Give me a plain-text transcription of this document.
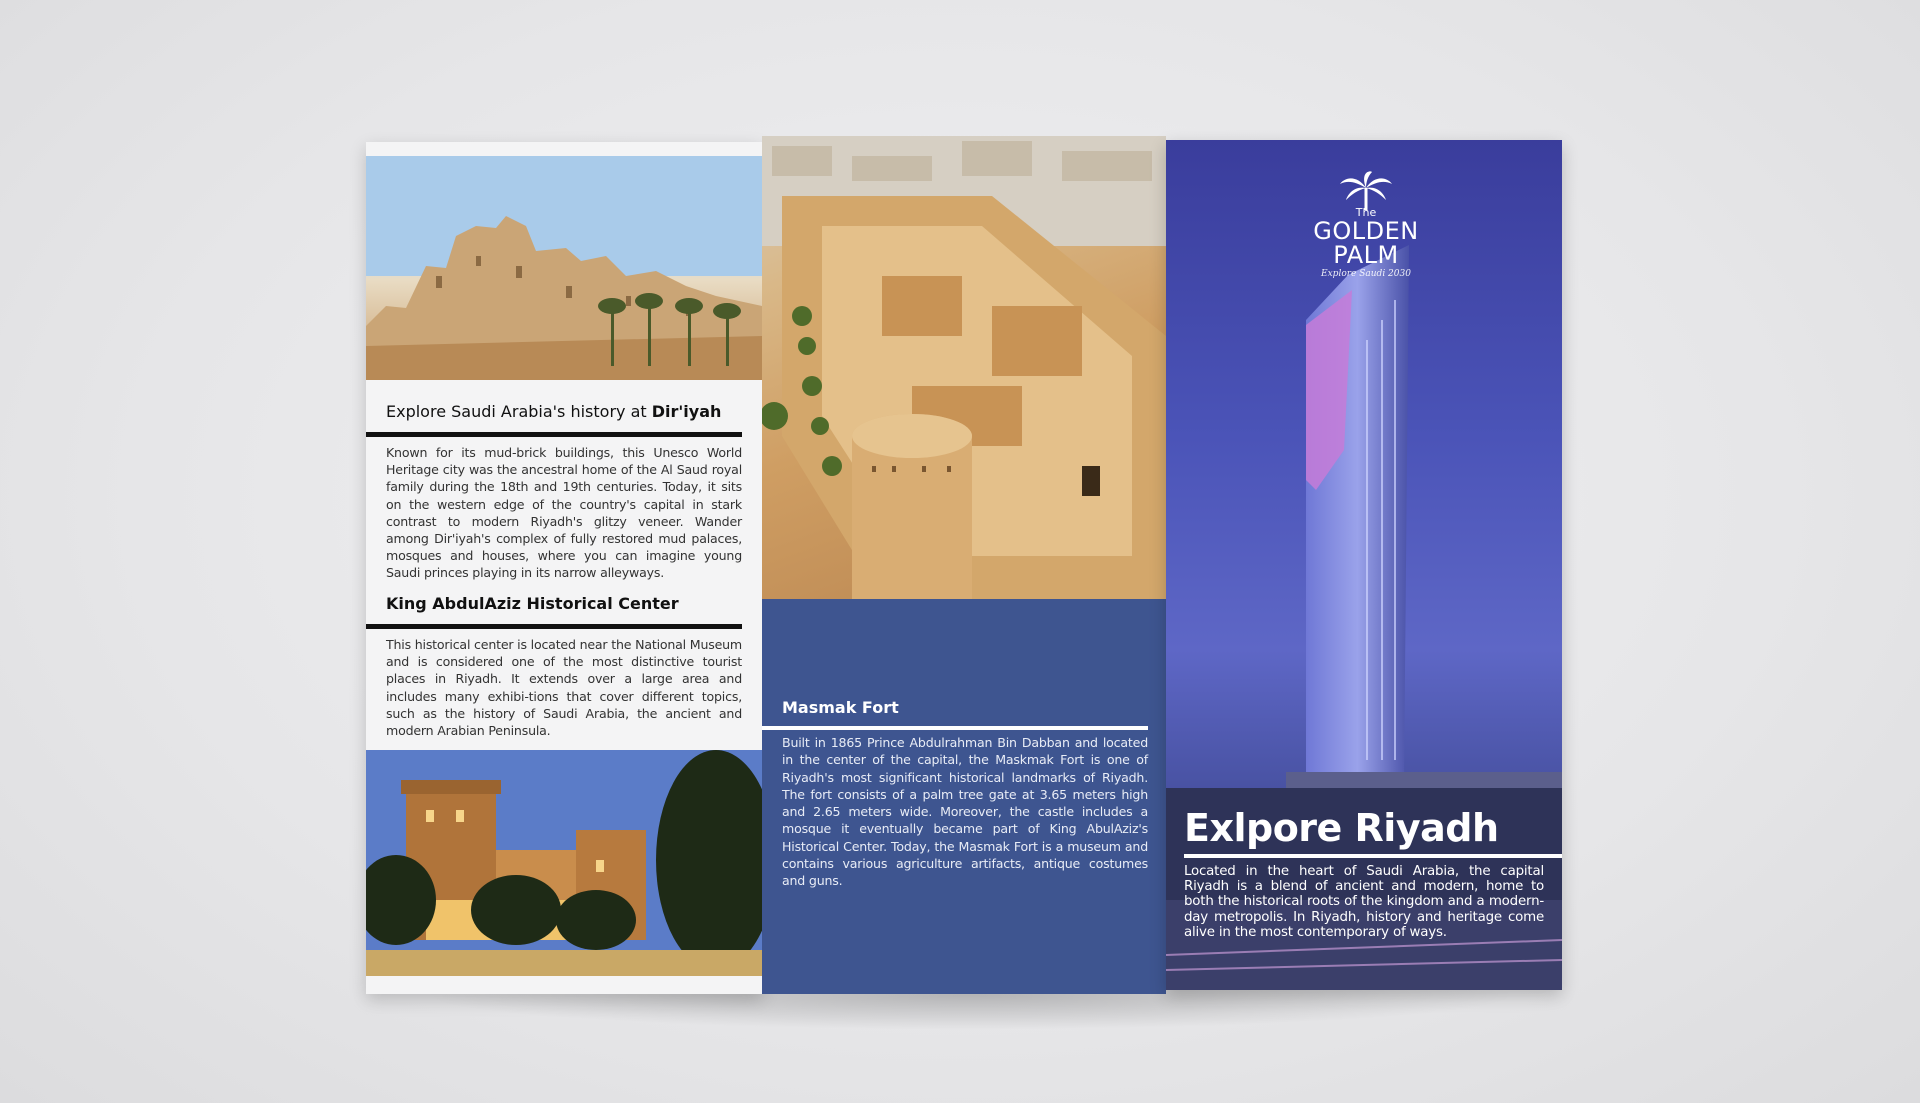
Explore Saudi Arabia's history at Dir'iyah

Known for its mud-brick buildings, this Unesco World Heritage city was the ancestral home of the Al Saud royal family during the 18th and 19th centuries. Today, it sits on the western edge of the country's capital in stark contrast to modern Riyadh's glitzy veneer. Wander among Dir'iyah's complex of fully restored mud palaces, mosques and houses, where you can imagine young Saudi princes playing in its narrow alleyways.

King AbdulAziz Historical Center

This historical center is located near the National Museum and is considered one of the most distinctive tourist places in Riyadh. It extends over a large area and includes many exhibi-tions that cover different topics, such as the history of Saudi Arabia, the ancient and modern Arabian Peninsula.

Masmak Fort

Built in 1865 Prince Abdulrahman Bin Dabban and located in the center of the capital, the Maskmak Fort is one of Riyadh's most significant historical landmarks of Riyadh. The fort consists of a palm tree gate at 3.65 meters high and 2.65 meters wide. Moreover, the castle includes a mosque it eventually became part of King AbulAziz's Historical Center. Today, the Masmak Fort is a museum and contains various agriculture artifacts, antique costumes and guns.

The
GOLDEN
PALM
Explore Saudi 2030
Exlpore Riyadh

Located in the heart of Saudi Arabia, the capital Riyadh is a blend of ancient and modern, home to both the historical roots of the kingdom and a modern-day metropolis. In Riyadh, history and heritage come alive in the most contemporary of ways.
